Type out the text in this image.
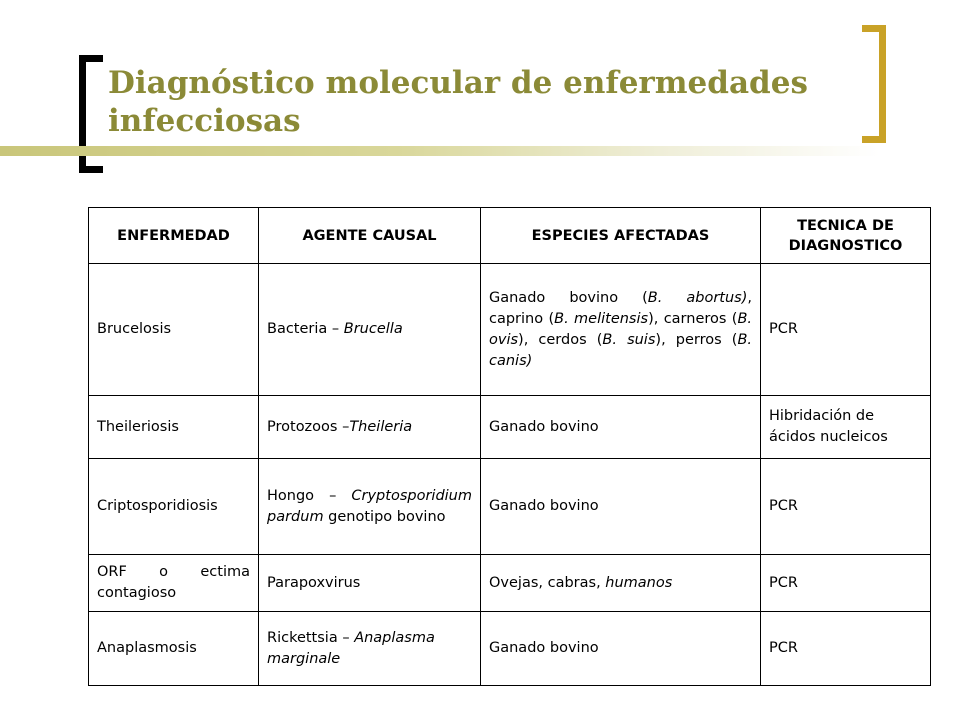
Diagnóstico molecular de enfermedades infecciosas
ENFERMEDAD	AGENTE CAUSAL	ESPECIES AFECTADAS	TECNICA DE DIAGNOSTICO
Brucelosis	Bacteria – Brucella	Ganado bovino (B. abortus), caprino (B. melitensis), carneros (B. ovis), cerdos (B. suis), perros (B. canis)	PCR
Theileriosis	Protozoos –Theileria	Ganado bovino	Hibridación de ácidos nucleicos
Criptosporidiosis	Hongo – Cryptosporidium pardum genotipo bovino	Ganado bovino	PCR
ORF o ectima contagioso	Parapoxvirus	Ovejas, cabras, humanos	PCR
Anaplasmosis	Rickettsia – Anaplasma marginale	Ganado bovino	PCR
